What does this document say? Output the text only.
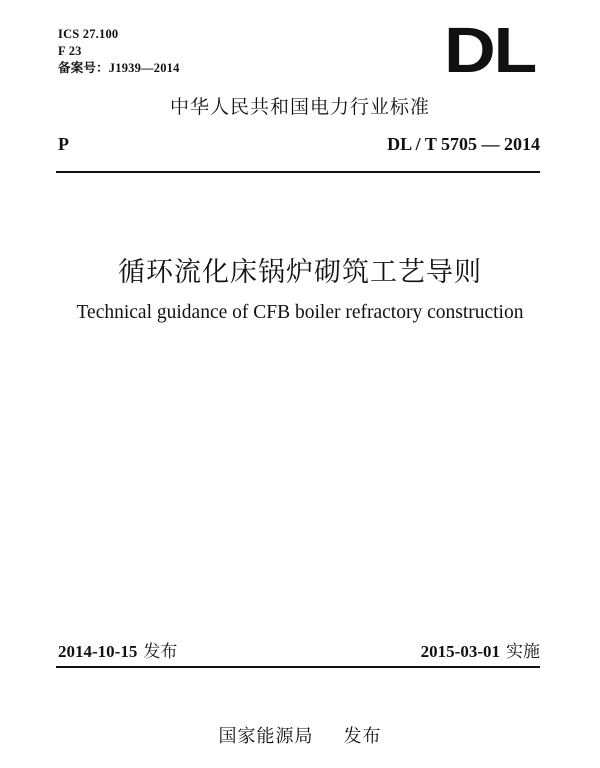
ICS 27.100
F 23
备案号：J1939—2014	DL
中华人民共和国电力行业标准
P	DL / T 5705 — 2014
循环流化床锅炉砌筑工艺导则
Technical guidance of CFB boiler refractory construction
2014-10-15 发布	2015-03-01 实施
国家能源局 发布
